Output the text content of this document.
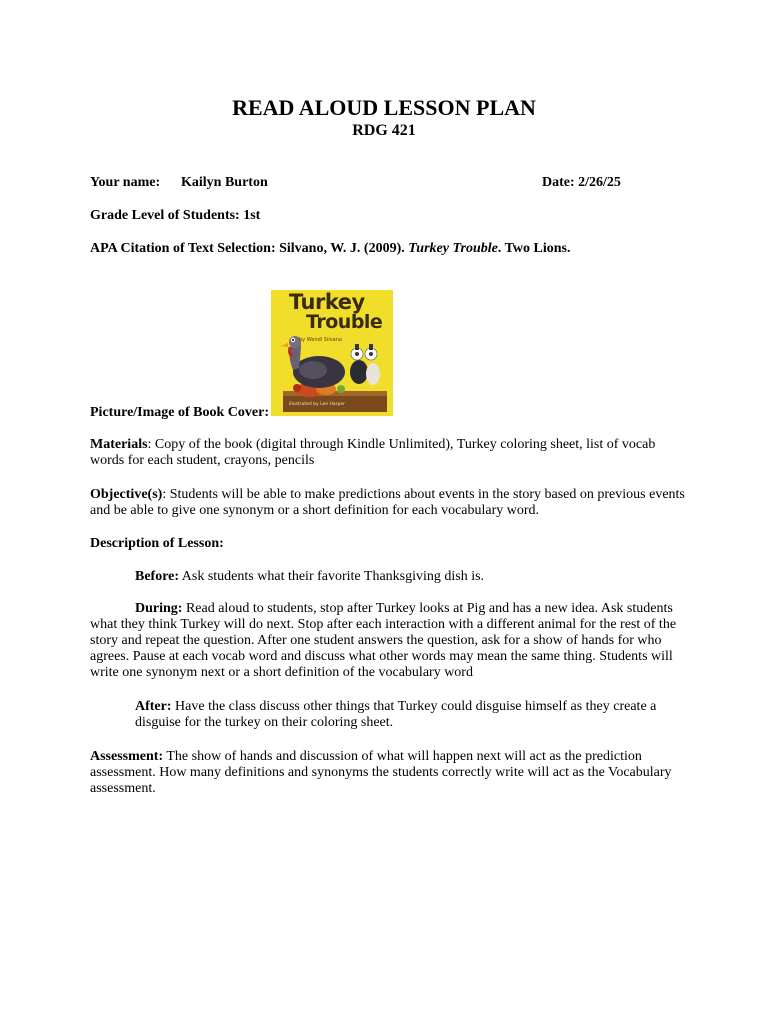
READ ALOUD LESSON PLAN
RDG 421
Your name: Kailyn Burton	Date: 2/26/25
Grade Level of Students: 1st
APA Citation of Text Selection: Silvano, W. J. (2009). Turkey Trouble. Two Lions.
Turkey
Trouble
by Wendi Silvano
illustrated by Lee Harper
Picture/Image of Book Cover:
Materials: Copy of the book (digital through Kindle Unlimited), Turkey coloring sheet, list of vocab words for each student, crayons, pencils
Objective(s): Students will be able to make predictions about events in the story based on previous events and be able to give one synonym or a short definition for each vocabulary word.
Description of Lesson:
Before: Ask students what their favorite Thanksgiving dish is.
During: Read aloud to students, stop after Turkey looks at Pig and has a new idea. Ask students what they think Turkey will do next. Stop after each interaction with a different animal for the rest of the story and repeat the question. After one student answers the question, ask for a show of hands for who agrees. Pause at each vocab word and discuss what other words may mean the same thing. Students will write one synonym next or a short definition of the vocabulary word
After: Have the class discuss other things that Turkey could disguise himself as they create a disguise for the turkey on their coloring sheet.
Assessment: The show of hands and discussion of what will happen next will act as the prediction assessment. How many definitions and synonyms the students correctly write will act as the Vocabulary assessment.
